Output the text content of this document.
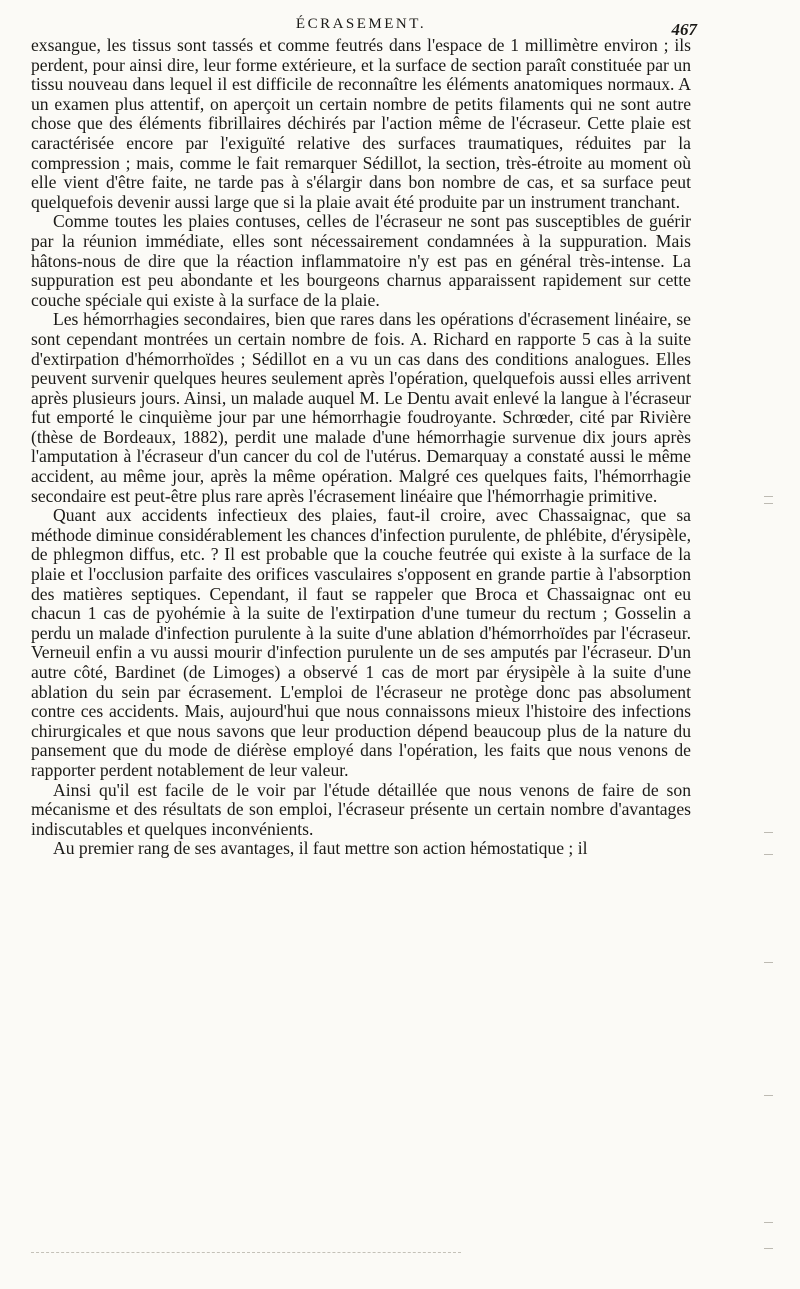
ÉCRASEMENT.	467

exsangue, les tissus sont tassés et comme feutrés dans l'espace de 1 millimètre environ ; ils perdent, pour ainsi dire, leur forme extérieure, et la surface de section paraît constituée par un tissu nouveau dans lequel il est difficile de reconnaître les éléments anatomiques normaux. A un examen plus attentif, on aperçoit un certain nombre de petits filaments qui ne sont autre chose que des éléments fibrillaires déchirés par l'action même de l'écraseur. Cette plaie est caractérisée encore par l'exiguïté relative des surfaces traumatiques, réduites par la compression ; mais, comme le fait remarquer Sédillot, la section, très-étroite au moment où elle vient d'être faite, ne tarde pas à s'élargir dans bon nombre de cas, et sa surface peut quelquefois devenir aussi large que si la plaie avait été produite par un instrument tranchant.

Comme toutes les plaies contuses, celles de l'écraseur ne sont pas susceptibles de guérir par la réunion immédiate, elles sont nécessairement condamnées à la suppuration. Mais hâtons-nous de dire que la réaction inflammatoire n'y est pas en général très-intense. La suppuration est peu abondante et les bourgeons charnus apparaissent rapidement sur cette couche spéciale qui existe à la surface de la plaie.

Les hémorrhagies secondaires, bien que rares dans les opérations d'écrasement linéaire, se sont cependant montrées un certain nombre de fois. A. Richard en rapporte 5 cas à la suite d'extirpation d'hémorrhoïdes ; Sédillot en a vu un cas dans des conditions analogues. Elles peuvent survenir quelques heures seulement après l'opération, quelquefois aussi elles arrivent après plusieurs jours. Ainsi, un malade auquel M. Le Dentu avait enlevé la langue à l'écraseur fut emporté le cinquième jour par une hémorrhagie foudroyante. Schrœder, cité par Rivière (thèse de Bordeaux, 1882), perdit une malade d'une hémorrhagie survenue dix jours après l'amputation à l'écraseur d'un cancer du col de l'utérus. Demarquay a constaté aussi le même accident, au même jour, après la même opération. Malgré ces quelques faits, l'hémorrhagie secondaire est peut-être plus rare après l'écrasement linéaire que l'hémorrhagie primitive.

Quant aux accidents infectieux des plaies, faut-il croire, avec Chassaignac, que sa méthode diminue considérablement les chances d'infection purulente, de phlébite, d'érysipèle, de phlegmon diffus, etc. ? Il est probable que la couche feutrée qui existe à la surface de la plaie et l'occlusion parfaite des orifices vasculaires s'opposent en grande partie à l'absorption des matières septiques. Cependant, il faut se rappeler que Broca et Chassaignac ont eu chacun 1 cas de pyohémie à la suite de l'extirpation d'une tumeur du rectum ; Gosselin a perdu un malade d'infection purulente à la suite d'une ablation d'hémorrhoïdes par l'écraseur. Verneuil enfin a vu aussi mourir d'infection purulente un de ses amputés par l'écraseur. D'un autre côté, Bardinet (de Limoges) a observé 1 cas de mort par érysipèle à la suite d'une ablation du sein par écrasement. L'emploi de l'écraseur ne protège donc pas absolument contre ces accidents. Mais, aujourd'hui que nous connaissons mieux l'histoire des infections chirurgicales et que nous savons que leur production dépend beaucoup plus de la nature du pansement que du mode de diérèse employé dans l'opération, les faits que nous venons de rapporter perdent notablement de leur valeur.

Ainsi qu'il est facile de le voir par l'étude détaillée que nous venons de faire de son mécanisme et des résultats de son emploi, l'écraseur présente un certain nombre d'avantages indiscutables et quelques inconvénients.

Au premier rang de ses avantages, il faut mettre son action hémostatique ; il
